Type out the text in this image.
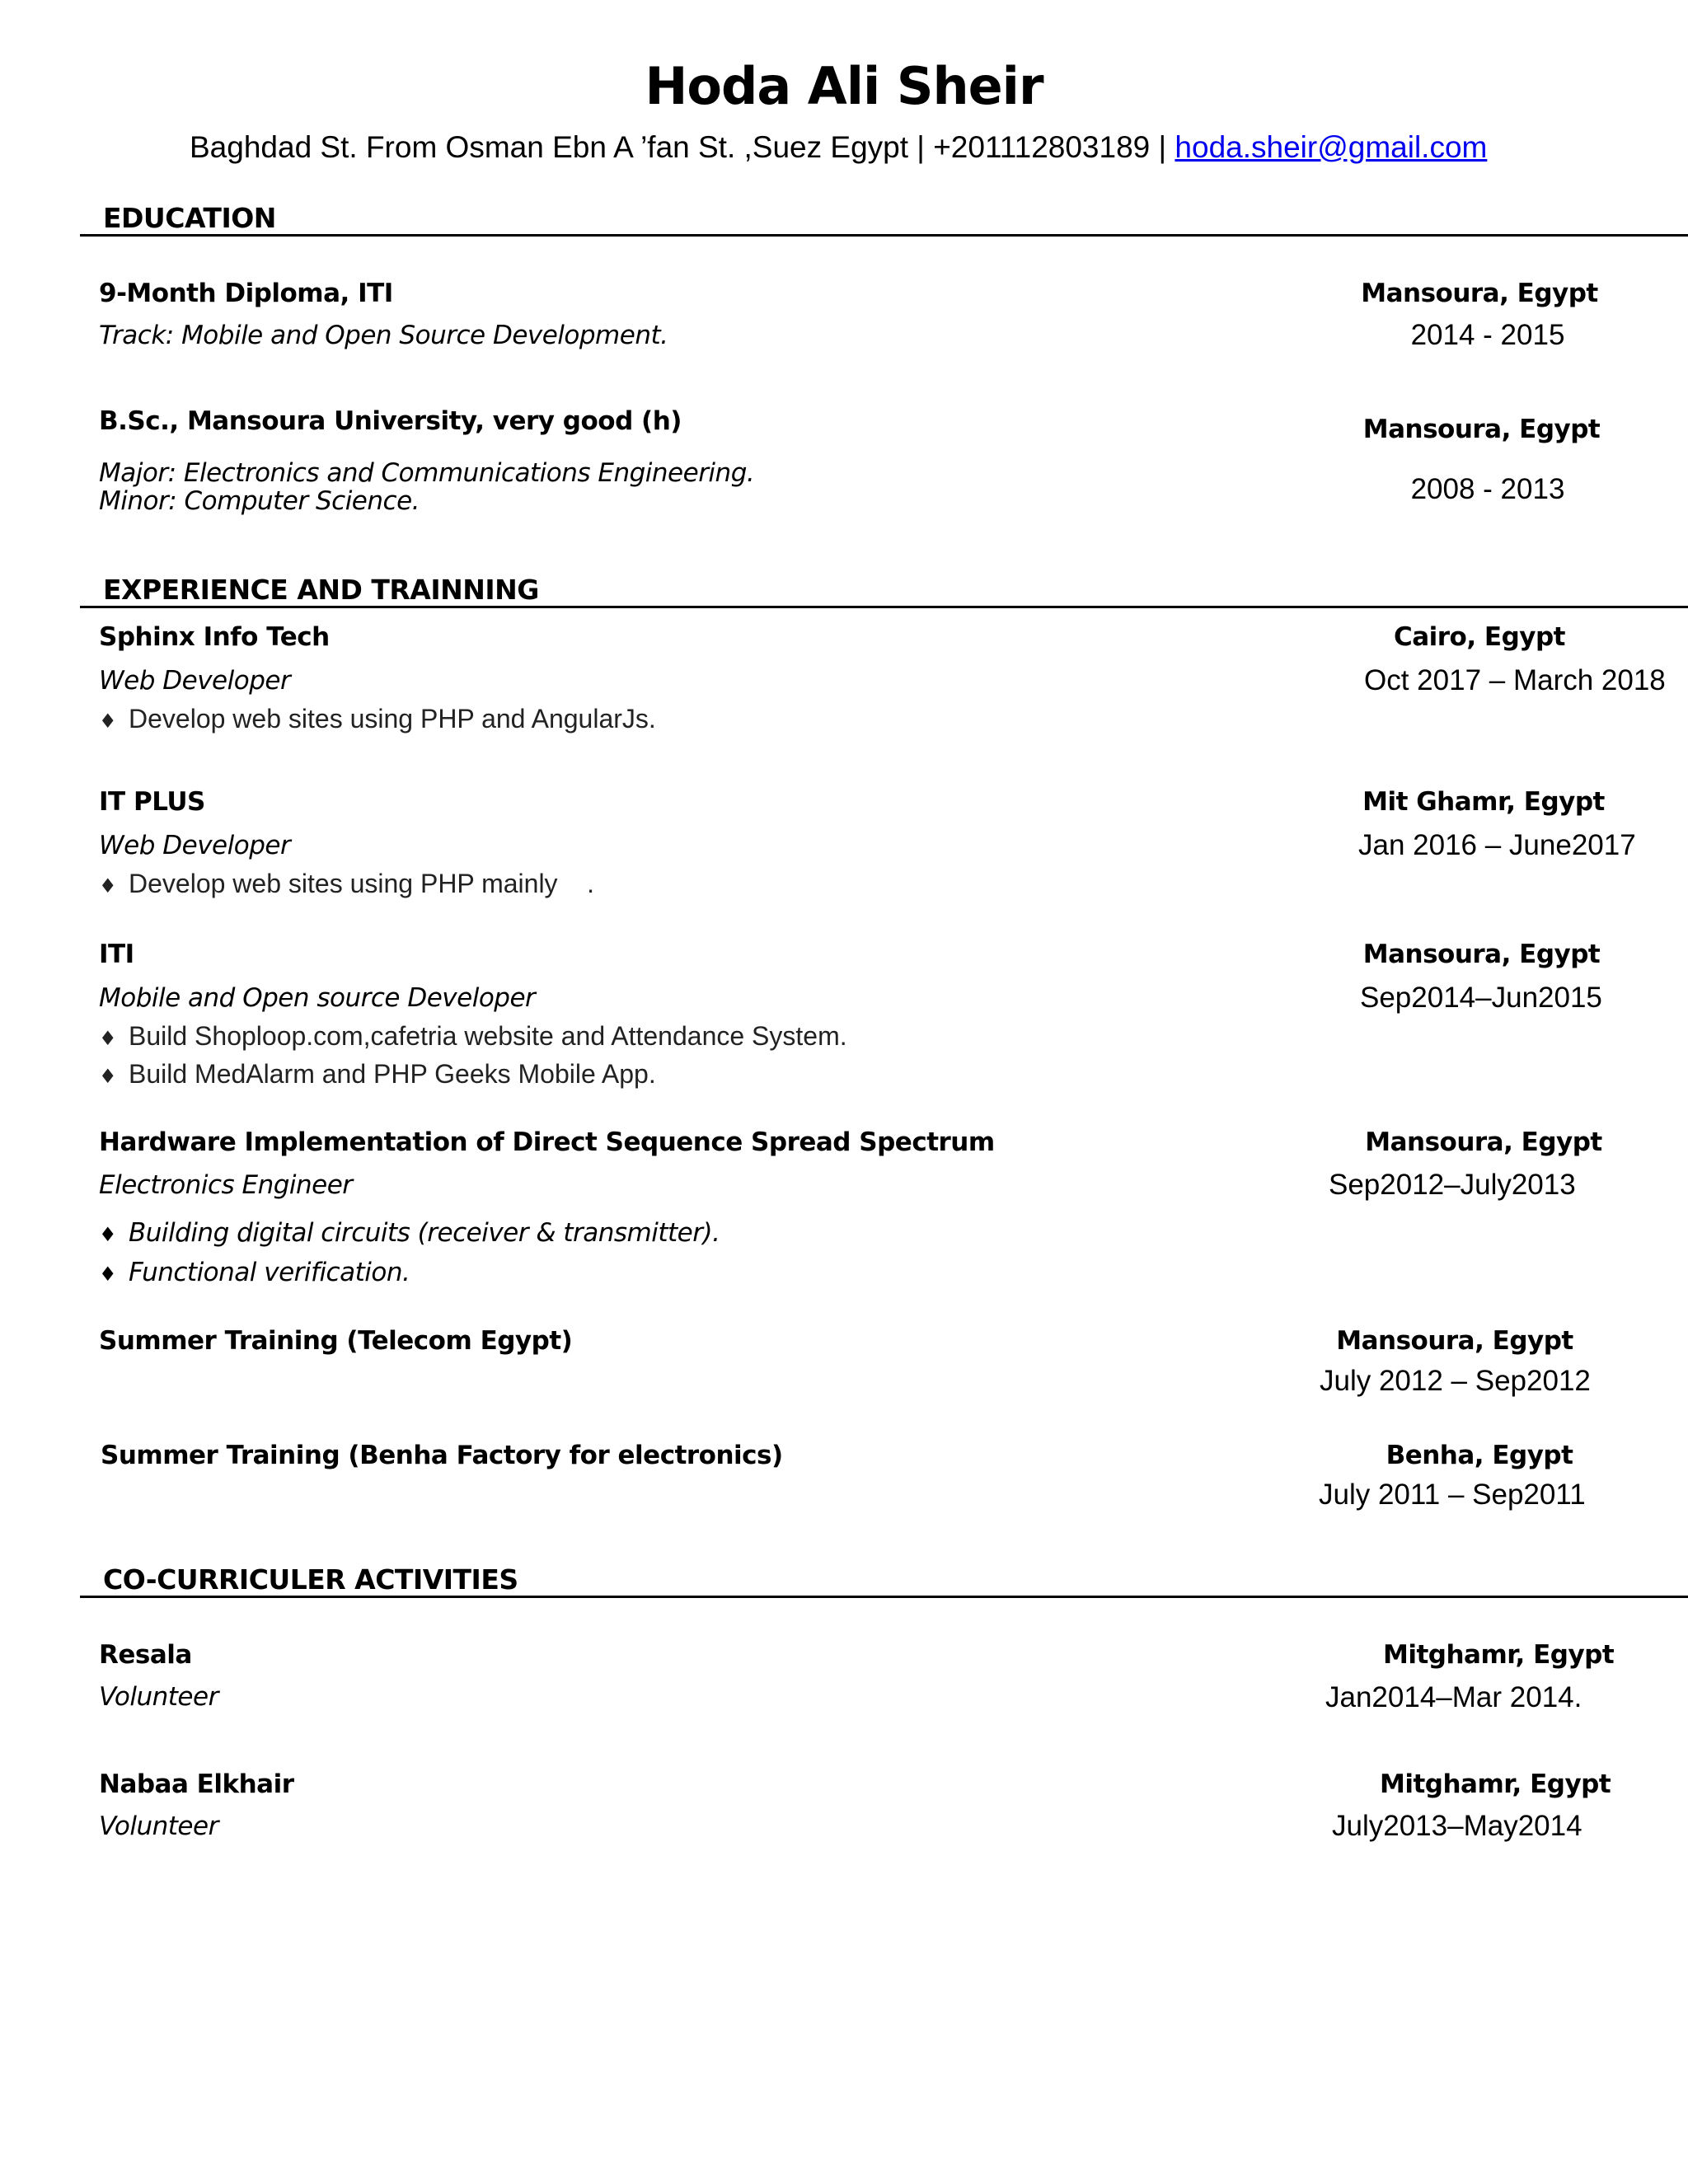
Hoda Ali Sheir
Baghdad St. From Osman Ebn A ’fan St. ,Suez Egypt | +201112803189 | hoda.sheir@gmail.com
EDUCATION
9-Month Diploma, ITI
Track: Mobile and Open Source Development.
Mansoura, Egypt
2014 - 2015
B.Sc., Mansoura University, very good (h)
Major: Electronics and Communications Engineering.
Minor: Computer Science.
Mansoura, Egypt
2008 - 2013
EXPERIENCE AND TRAINNING
Sphinx Info Tech
Web Developer
♦ Develop web sites using PHP and AngularJs.
Cairo, Egypt
Oct 2017 – March 2018
IT PLUS
Web Developer
♦ Develop web sites using PHP mainly    .
Mit Ghamr, Egypt
Jan 2016 – June2017
ITI
Mobile and Open source Developer
♦ Build Shoploop.com,cafetria website and Attendance System.
♦ Build MedAlarm and PHP Geeks Mobile App.
Mansoura, Egypt
Sep2014–Jun2015
Hardware Implementation of Direct Sequence Spread Spectrum
Electronics Engineer
♦ Building digital circuits (receiver & transmitter).
♦ Functional verification.
Mansoura, Egypt
Sep2012–July2013
Summer Training (Telecom Egypt)	Mansoura, Egypt
July 2012 – Sep2012
Summer Training (Benha Factory for electronics)	Benha, Egypt
July 2011 – Sep2011
CO-CURRICULER ACTIVITIES
Resala
Volunteer
Mitghamr, Egypt
Jan2014–Mar 2014.
Nabaa Elkhair
Volunteer
Mitghamr, Egypt
July2013–May2014
